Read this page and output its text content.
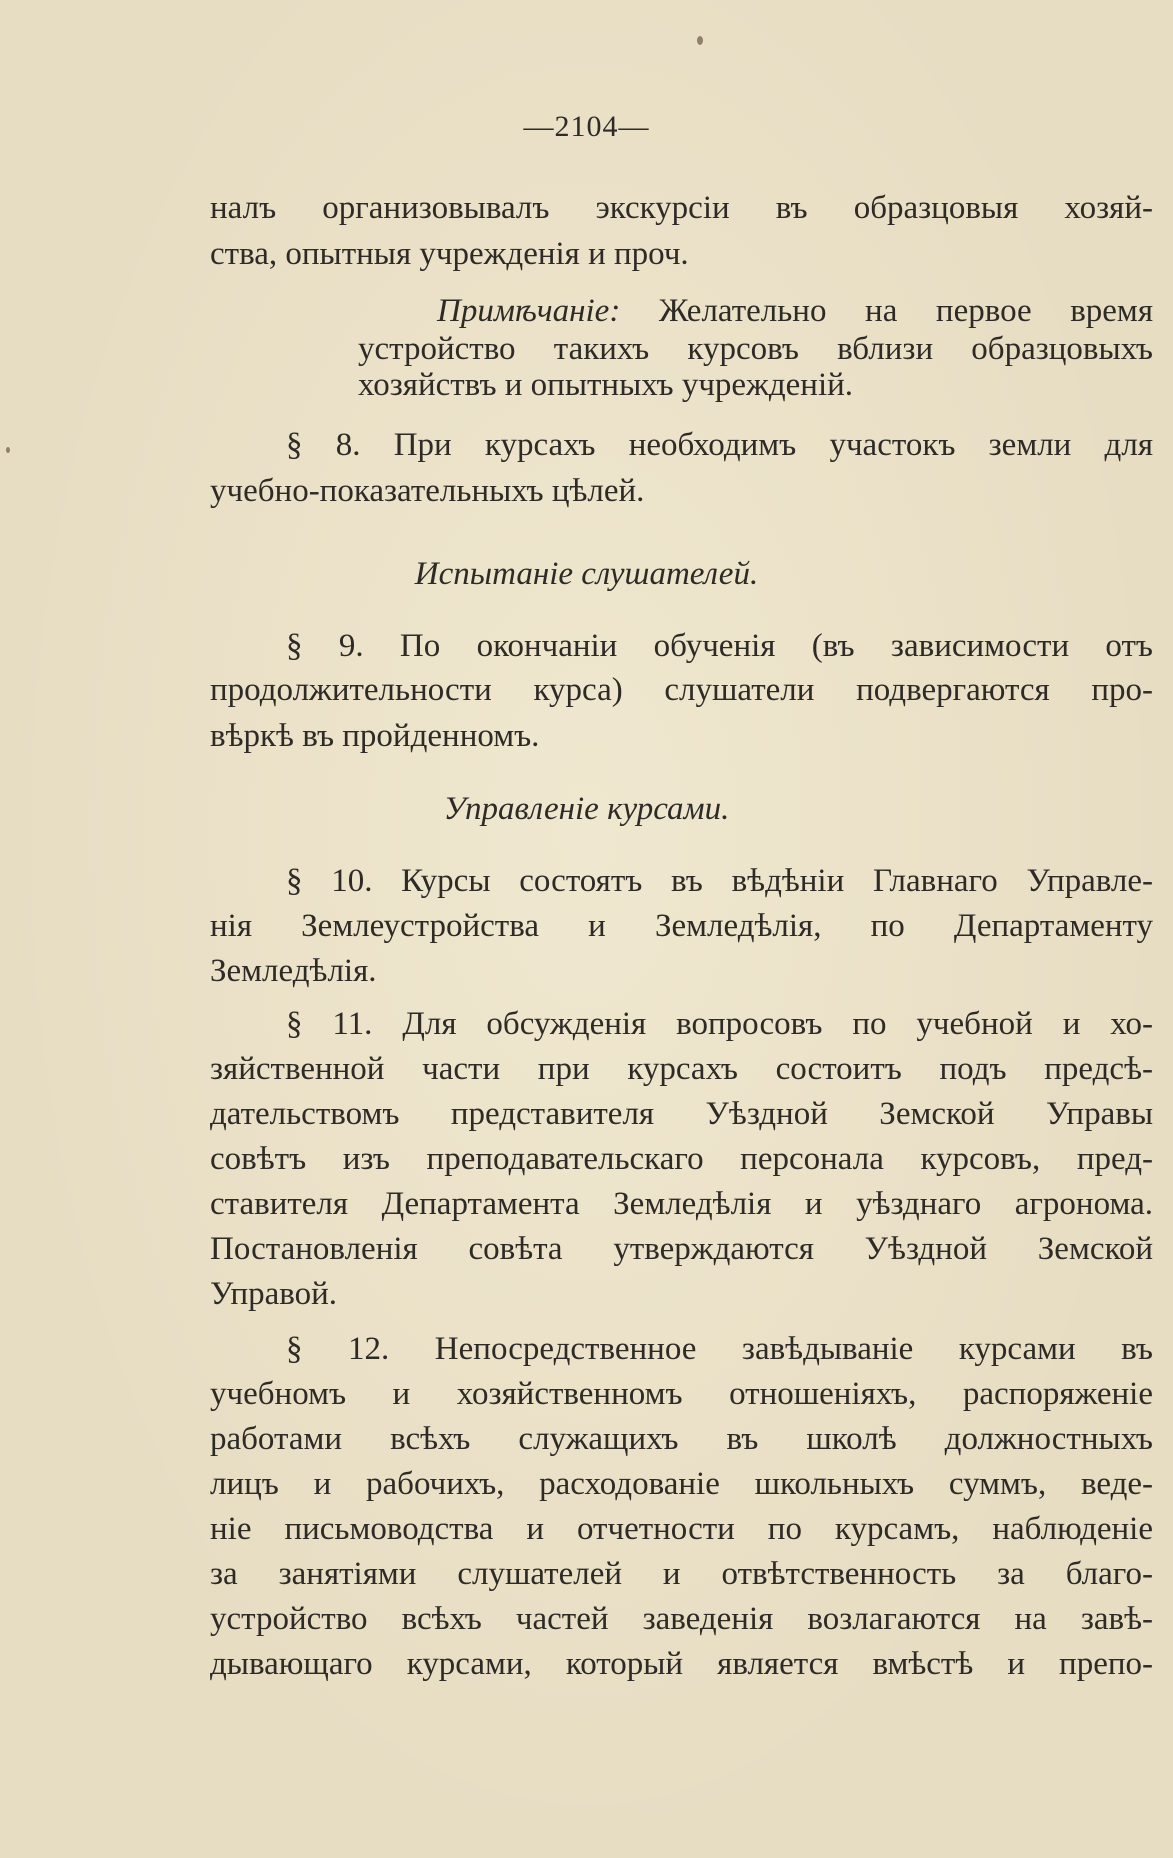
—2104—
налъ организовывалъ экскурсіи въ образцовыя хозяй-
ства, опытныя учрежденія и проч.
Примѣчаніе: Желательно на первое время
устройство такихъ курсовъ вблизи образцовыхъ
хозяйствъ и опытныхъ учрежденій.
§ 8. При курсахъ необходимъ участокъ земли для
учебно-показательныхъ цѣлей.
Испытаніе слушателей.
§ 9. По окончаніи обученія (въ зависимости отъ
продолжительности курса) слушатели подвергаются про-
вѣркѣ въ пройденномъ.
Управленіе курсами.
§ 10. Курсы состоятъ въ вѣдѣніи Главнаго Управле-
нія Землеустройства и Земледѣлія, по Департаменту
Земледѣлія.
§ 11. Для обсужденія вопросовъ по учебной и хо-
зяйственной части при курсахъ состоитъ подъ предсѣ-
дательствомъ представителя Уѣздной Земской Управы
совѣтъ изъ преподавательскаго персонала курсовъ, пред-
ставителя Департамента Земледѣлія и уѣзднаго агронома.
Постановленія совѣта утверждаются Уѣздной Земской
Управой.
§ 12. Непосредственное завѣдываніе курсами въ
учебномъ и хозяйственномъ отношеніяхъ, распоряженіе
работами всѣхъ служащихъ въ школѣ должностныхъ
лицъ и рабочихъ, расходованіе школьныхъ суммъ, веде-
ніе письмоводства и отчетности по курсамъ, наблюденіе
за занятіями слушателей и отвѣтственность за благо-
устройство всѣхъ частей заведенія возлагаются на завѣ-
дывающаго курсами, который является вмѣстѣ и препо-
